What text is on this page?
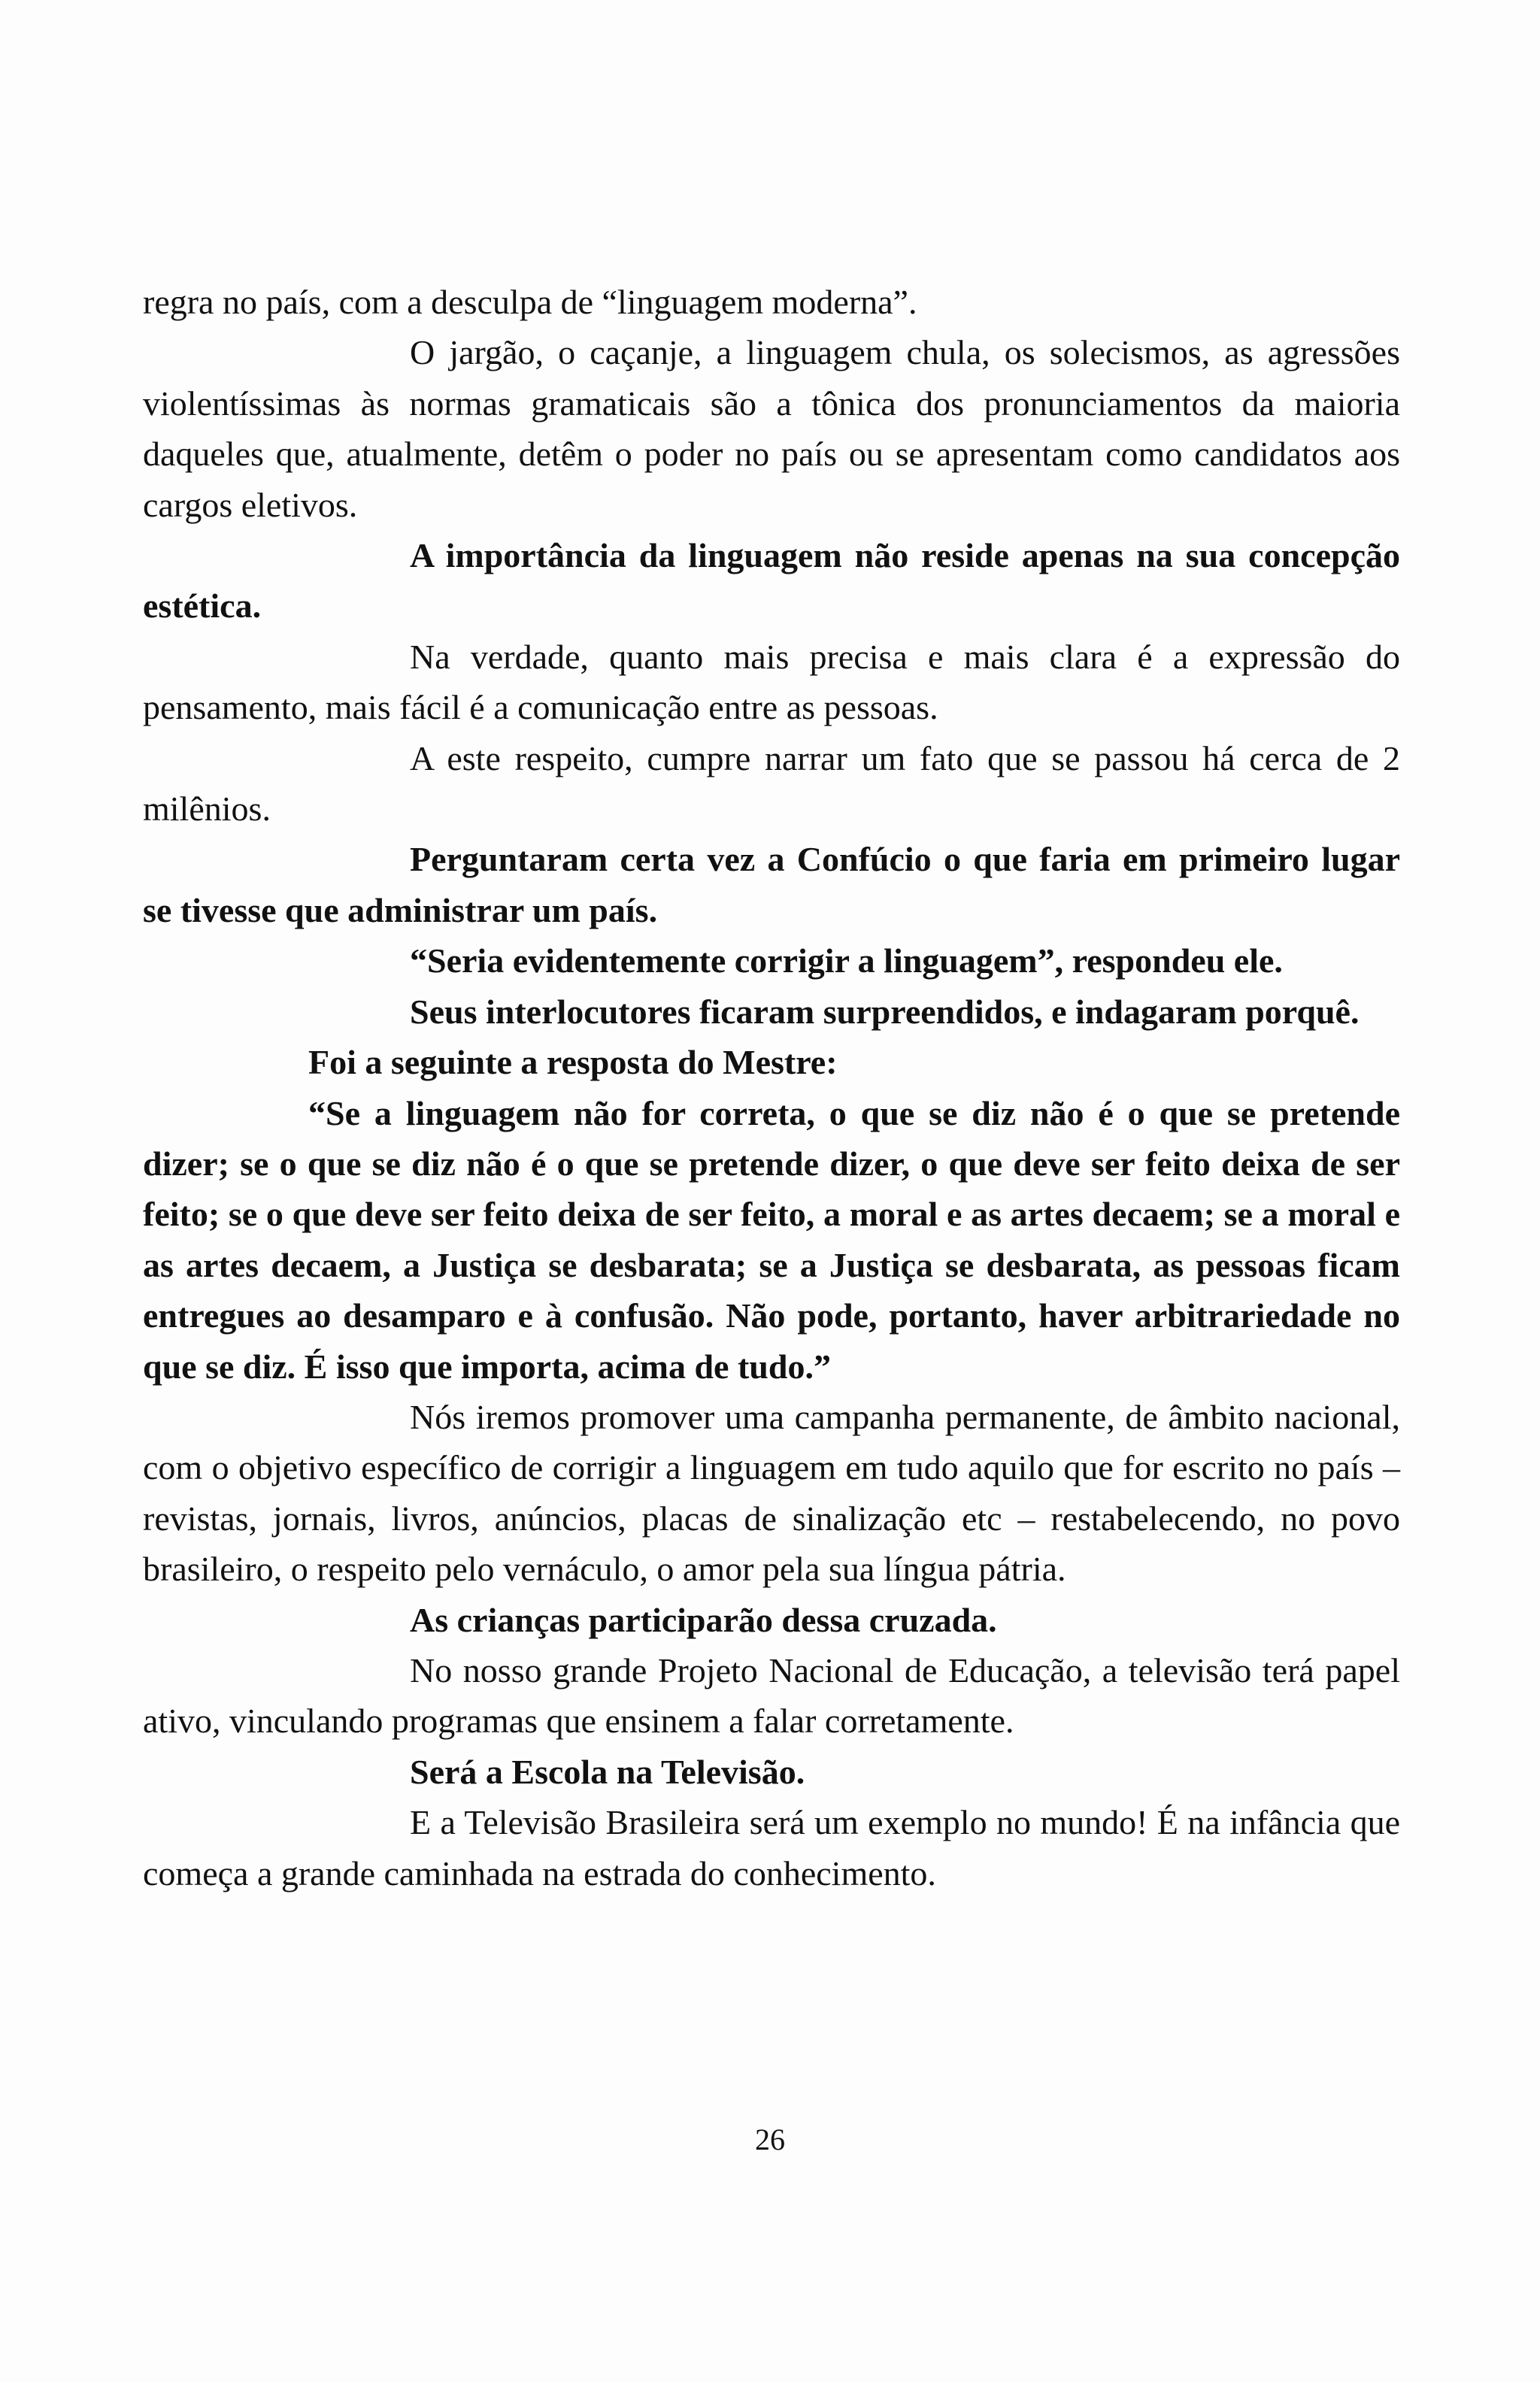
regra no país, com a desculpa de “linguagem moderna”.

O jargão, o caçanje, a linguagem chula, os solecismos, as agressões violentíssimas às normas gramaticais são a tônica dos pronunciamentos da maioria daqueles que, atualmente, detêm o poder no país ou se apresentam como candidatos aos cargos eletivos.

A importância da linguagem não reside apenas na sua concepção estética.

Na verdade, quanto mais precisa e mais clara é a expressão do pensamento, mais fácil é a comunicação entre as pessoas.

A este respeito, cumpre narrar um fato que se passou há cerca de 2 milênios.

Perguntaram certa vez a Confúcio o que faria em primeiro lugar se tivesse que administrar um país.

“Seria evidentemente corrigir a linguagem”, respondeu ele.

Seus interlocutores ficaram surpreendidos, e indagaram porquê.

Foi a seguinte a resposta do Mestre:

“Se a linguagem não for correta, o que se diz não é o que se pretende dizer; se o que se diz não é o que se pretende dizer, o que deve ser feito deixa de ser feito; se o que deve ser feito deixa de ser feito, a moral e as artes decaem; se a moral e as artes decaem, a Justiça se desbarata; se a Justiça se desbarata, as pessoas ficam entregues ao desamparo e à confusão. Não pode, portanto, haver arbitrariedade no que se diz. É isso que importa, acima de tudo.”

Nós iremos promover uma campanha permanente, de âmbito nacional, com o objetivo específico de corrigir a linguagem em tudo aquilo que for escrito no país – revistas, jornais, livros, anúncios, placas de sinalização etc – restabelecendo, no povo brasileiro, o respeito pelo vernáculo, o amor pela sua língua pátria.

As crianças participarão dessa cruzada.

No nosso grande Projeto Nacional de Educação, a televisão terá papel ativo, vinculando programas que ensinem a falar corretamente.

Será a Escola na Televisão.

E a Televisão Brasileira será um exemplo no mundo! É na infância que começa a grande caminhada na estrada do conhecimento.

26
